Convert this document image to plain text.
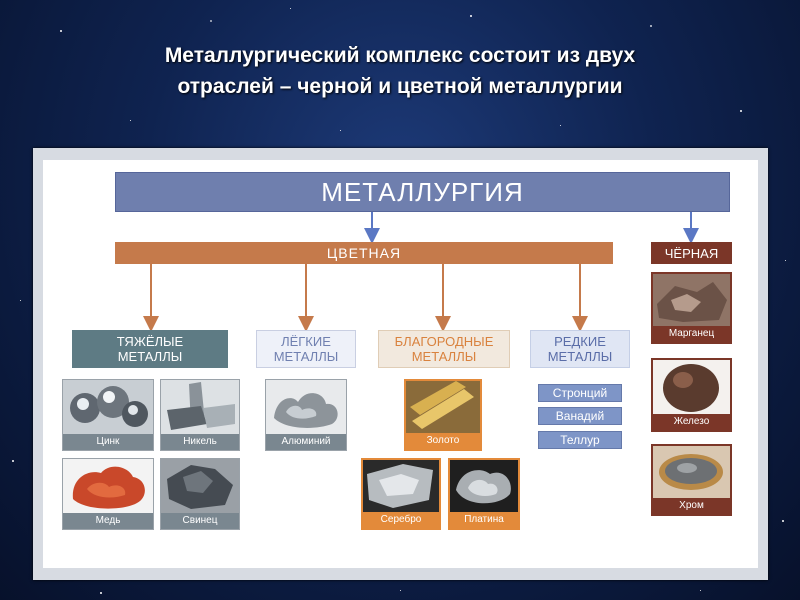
Металлургический комплекс состоит из двух
отраслей – черной и цветной металлургии
МЕТАЛЛУРГИЯ
ЦВЕТНАЯ	ЧЁРНАЯ
ТЯЖЁЛЫЕ
МЕТАЛЛЫ
ЛЁГКИЕ
МЕТАЛЛЫ
БЛАГОРОДНЫЕ
МЕТАЛЛЫ
РЕДКИЕ
МЕТАЛЛЫ
Цинк	Никель
Медь	Свинец
Алюминий	Золото
Серебро	Платина
Стронций
Ванадий
Теллур
Марганец
Железо
Хром
